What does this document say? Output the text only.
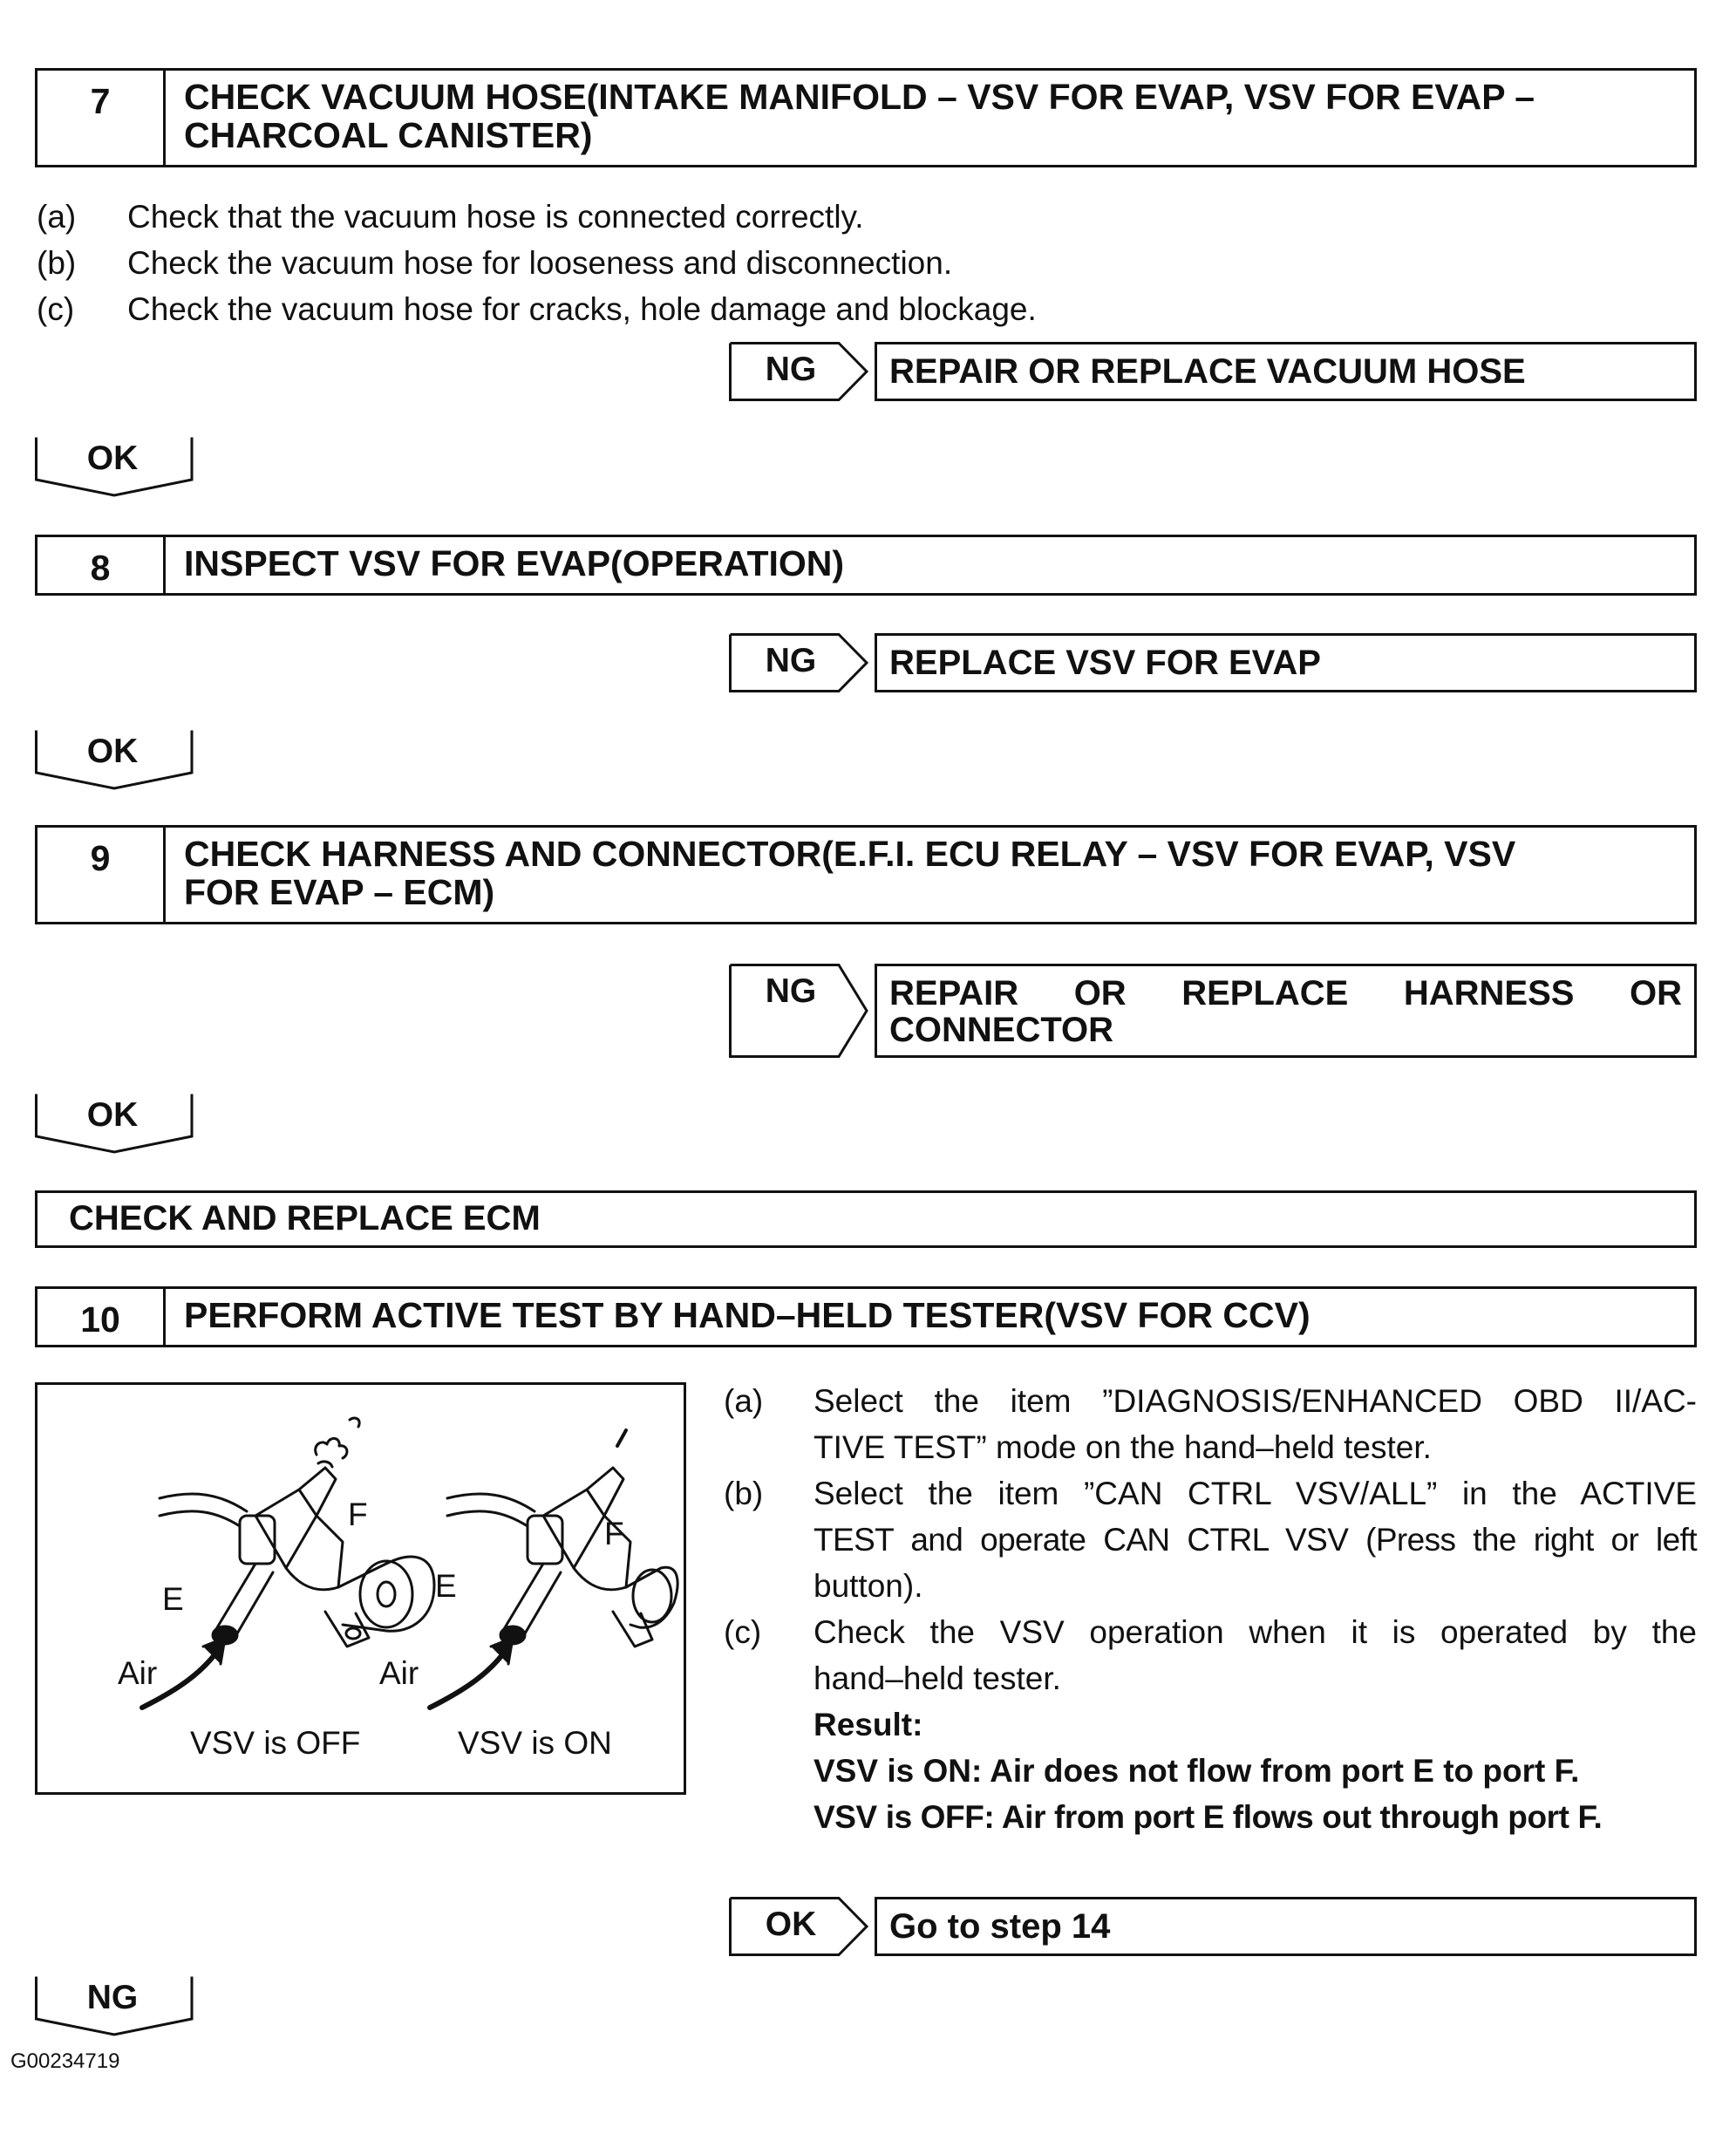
7	CHECK VACUUM HOSE(INTAKE MANIFOLD – VSV FOR EVAP, VSV FOR EVAP –
CHARCOAL CANISTER)
(a) Check that the vacuum hose is connected correctly.
(b) Check the vacuum hose for looseness and disconnection.
(c) Check the vacuum hose for cracks, hole damage and blockage.
NG	REPAIR OR REPLACE VACUUM HOSE
OK
8	INSPECT VSV FOR EVAP(OPERATION)
NG	REPLACE VSV FOR EVAP
OK
9	CHECK HARNESS AND CONNECTOR(E.F.I. ECU RELAY – VSV FOR EVAP, VSV
FOR EVAP – ECM)
NG	REPAIR OR REPLACE HARNESS OR
CONNECTOR
OK
CHECK AND REPLACE ECM
10	PERFORM ACTIVE TEST BY HAND–HELD TESTER(VSV FOR CCV)
E
F
Air
VSV is OFF
E
F
Air
VSV is ON
(a) Select the item ”DIAGNOSIS/ENHANCED OBD II/AC-
TIVE TEST” mode on the hand–held tester.
(b) Select the item ”CAN CTRL VSV/ALL” in the ACTIVE
TEST and operate CAN CTRL VSV (Press the right or left
button).
(c) Check the VSV operation when it is operated by the
hand–held tester.
Result:
VSV is ON: Air does not flow from port E to port F.
VSV is OFF: Air from port E flows out through port F.
OK	Go to step 14
NG
G00234719
